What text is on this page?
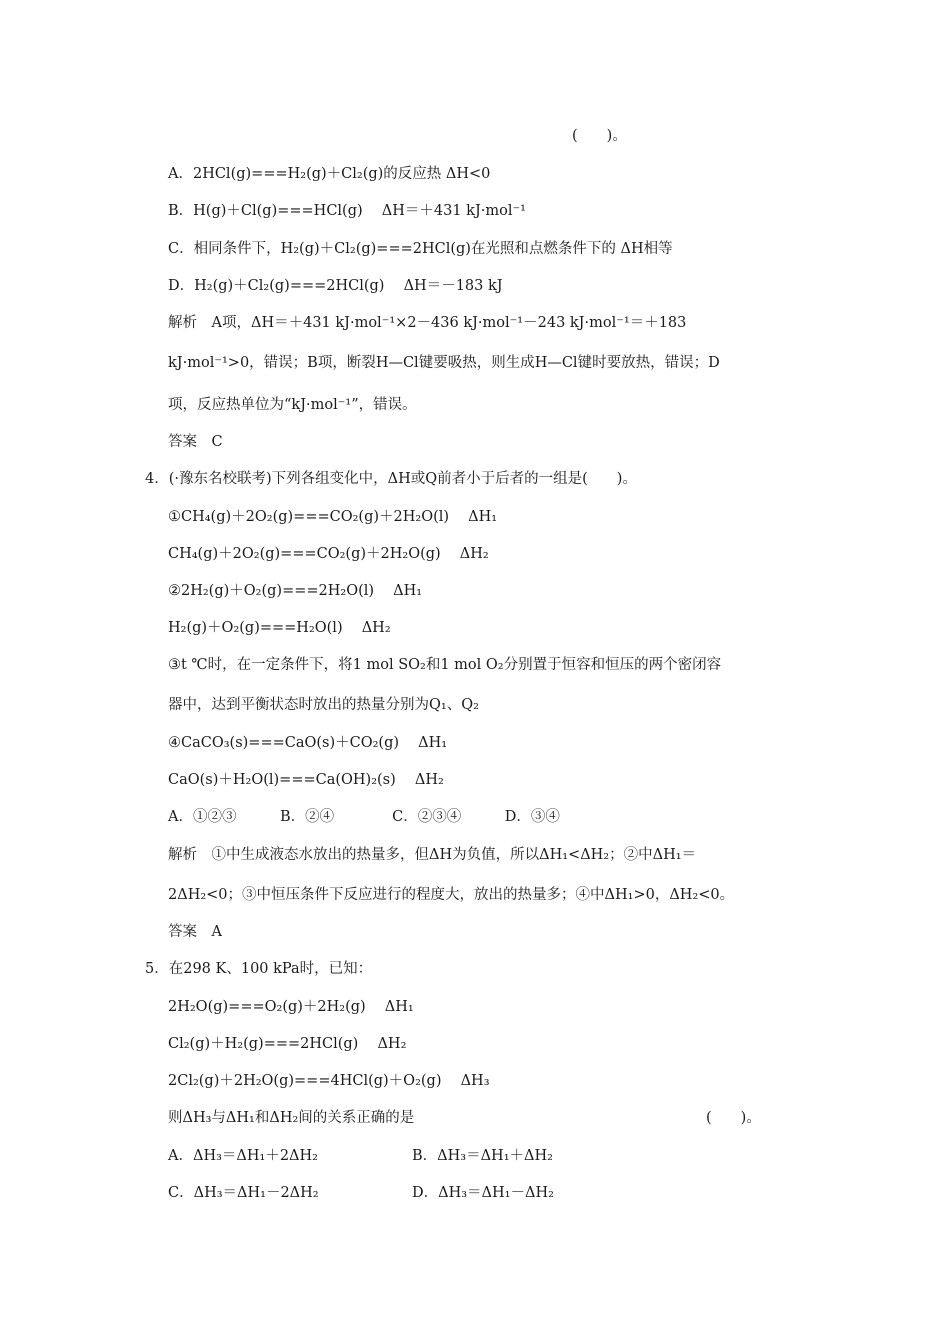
(　　)。
A．2HCl(g)===H₂(g)＋Cl₂(g)的反应热 ΔH<0
B．H(g)＋Cl(g)===HCl(g)　 ΔH＝＋431 kJ·mol⁻¹
C．相同条件下，H₂(g)＋Cl₂(g)===2HCl(g)在光照和点燃条件下的 ΔH相等
D．H₂(g)＋Cl₂(g)===2HCl(g)　 ΔH＝－183 kJ
解析　A项，ΔH＝＋431 kJ·mol⁻¹×2－436 kJ·mol⁻¹－243 kJ·mol⁻¹＝＋183
kJ·mol⁻¹>0，错误；B项，断裂H—Cl键要吸热，则生成H—Cl键时要放热，错误；D
项，反应热单位为“kJ·mol⁻¹”，错误。
答案　C
4．(·豫东名校联考)下列各组变化中，ΔH或Q前者小于后者的一组是(　　)。
①CH₄(g)＋2O₂(g)===CO₂(g)＋2H₂O(l)　 ΔH₁
CH₄(g)＋2O₂(g)===CO₂(g)＋2H₂O(g)　 ΔH₂
②2H₂(g)＋O₂(g)===2H₂O(l)　 ΔH₁
H₂(g)＋O₂(g)===H₂O(l)　 ΔH₂
③t ℃时，在一定条件下，将1 mol SO₂和1 mol O₂分别置于恒容和恒压的两个密闭容
器中，达到平衡状态时放出的热量分别为Q₁、Q₂
④CaCO₃(s)===CaO(s)＋CO₂(g)　 ΔH₁
CaO(s)＋H₂O(l)===Ca(OH)₂(s)　 ΔH₂
A．①②③　　　B．②④　　　　C．②③④　　　D．③④
解析　①中生成液态水放出的热量多，但ΔH为负值，所以ΔH₁<ΔH₂；②中ΔH₁＝
2ΔH₂<0；③中恒压条件下反应进行的程度大，放出的热量多；④中ΔH₁>0，ΔH₂<0。
答案　A
5．在298 K、100 kPa时，已知：
2H₂O(g)===O₂(g)＋2H₂(g)　 ΔH₁
Cl₂(g)＋H₂(g)===2HCl(g)　 ΔH₂
2Cl₂(g)＋2H₂O(g)===4HCl(g)＋O₂(g)　 ΔH₃
则ΔH₃与ΔH₁和ΔH₂间的关系正确的是	(　　)。
A．ΔH₃＝ΔH₁＋2ΔH₂	B．ΔH₃＝ΔH₁＋ΔH₂
C．ΔH₃＝ΔH₁－2ΔH₂	D．ΔH₃＝ΔH₁－ΔH₂
